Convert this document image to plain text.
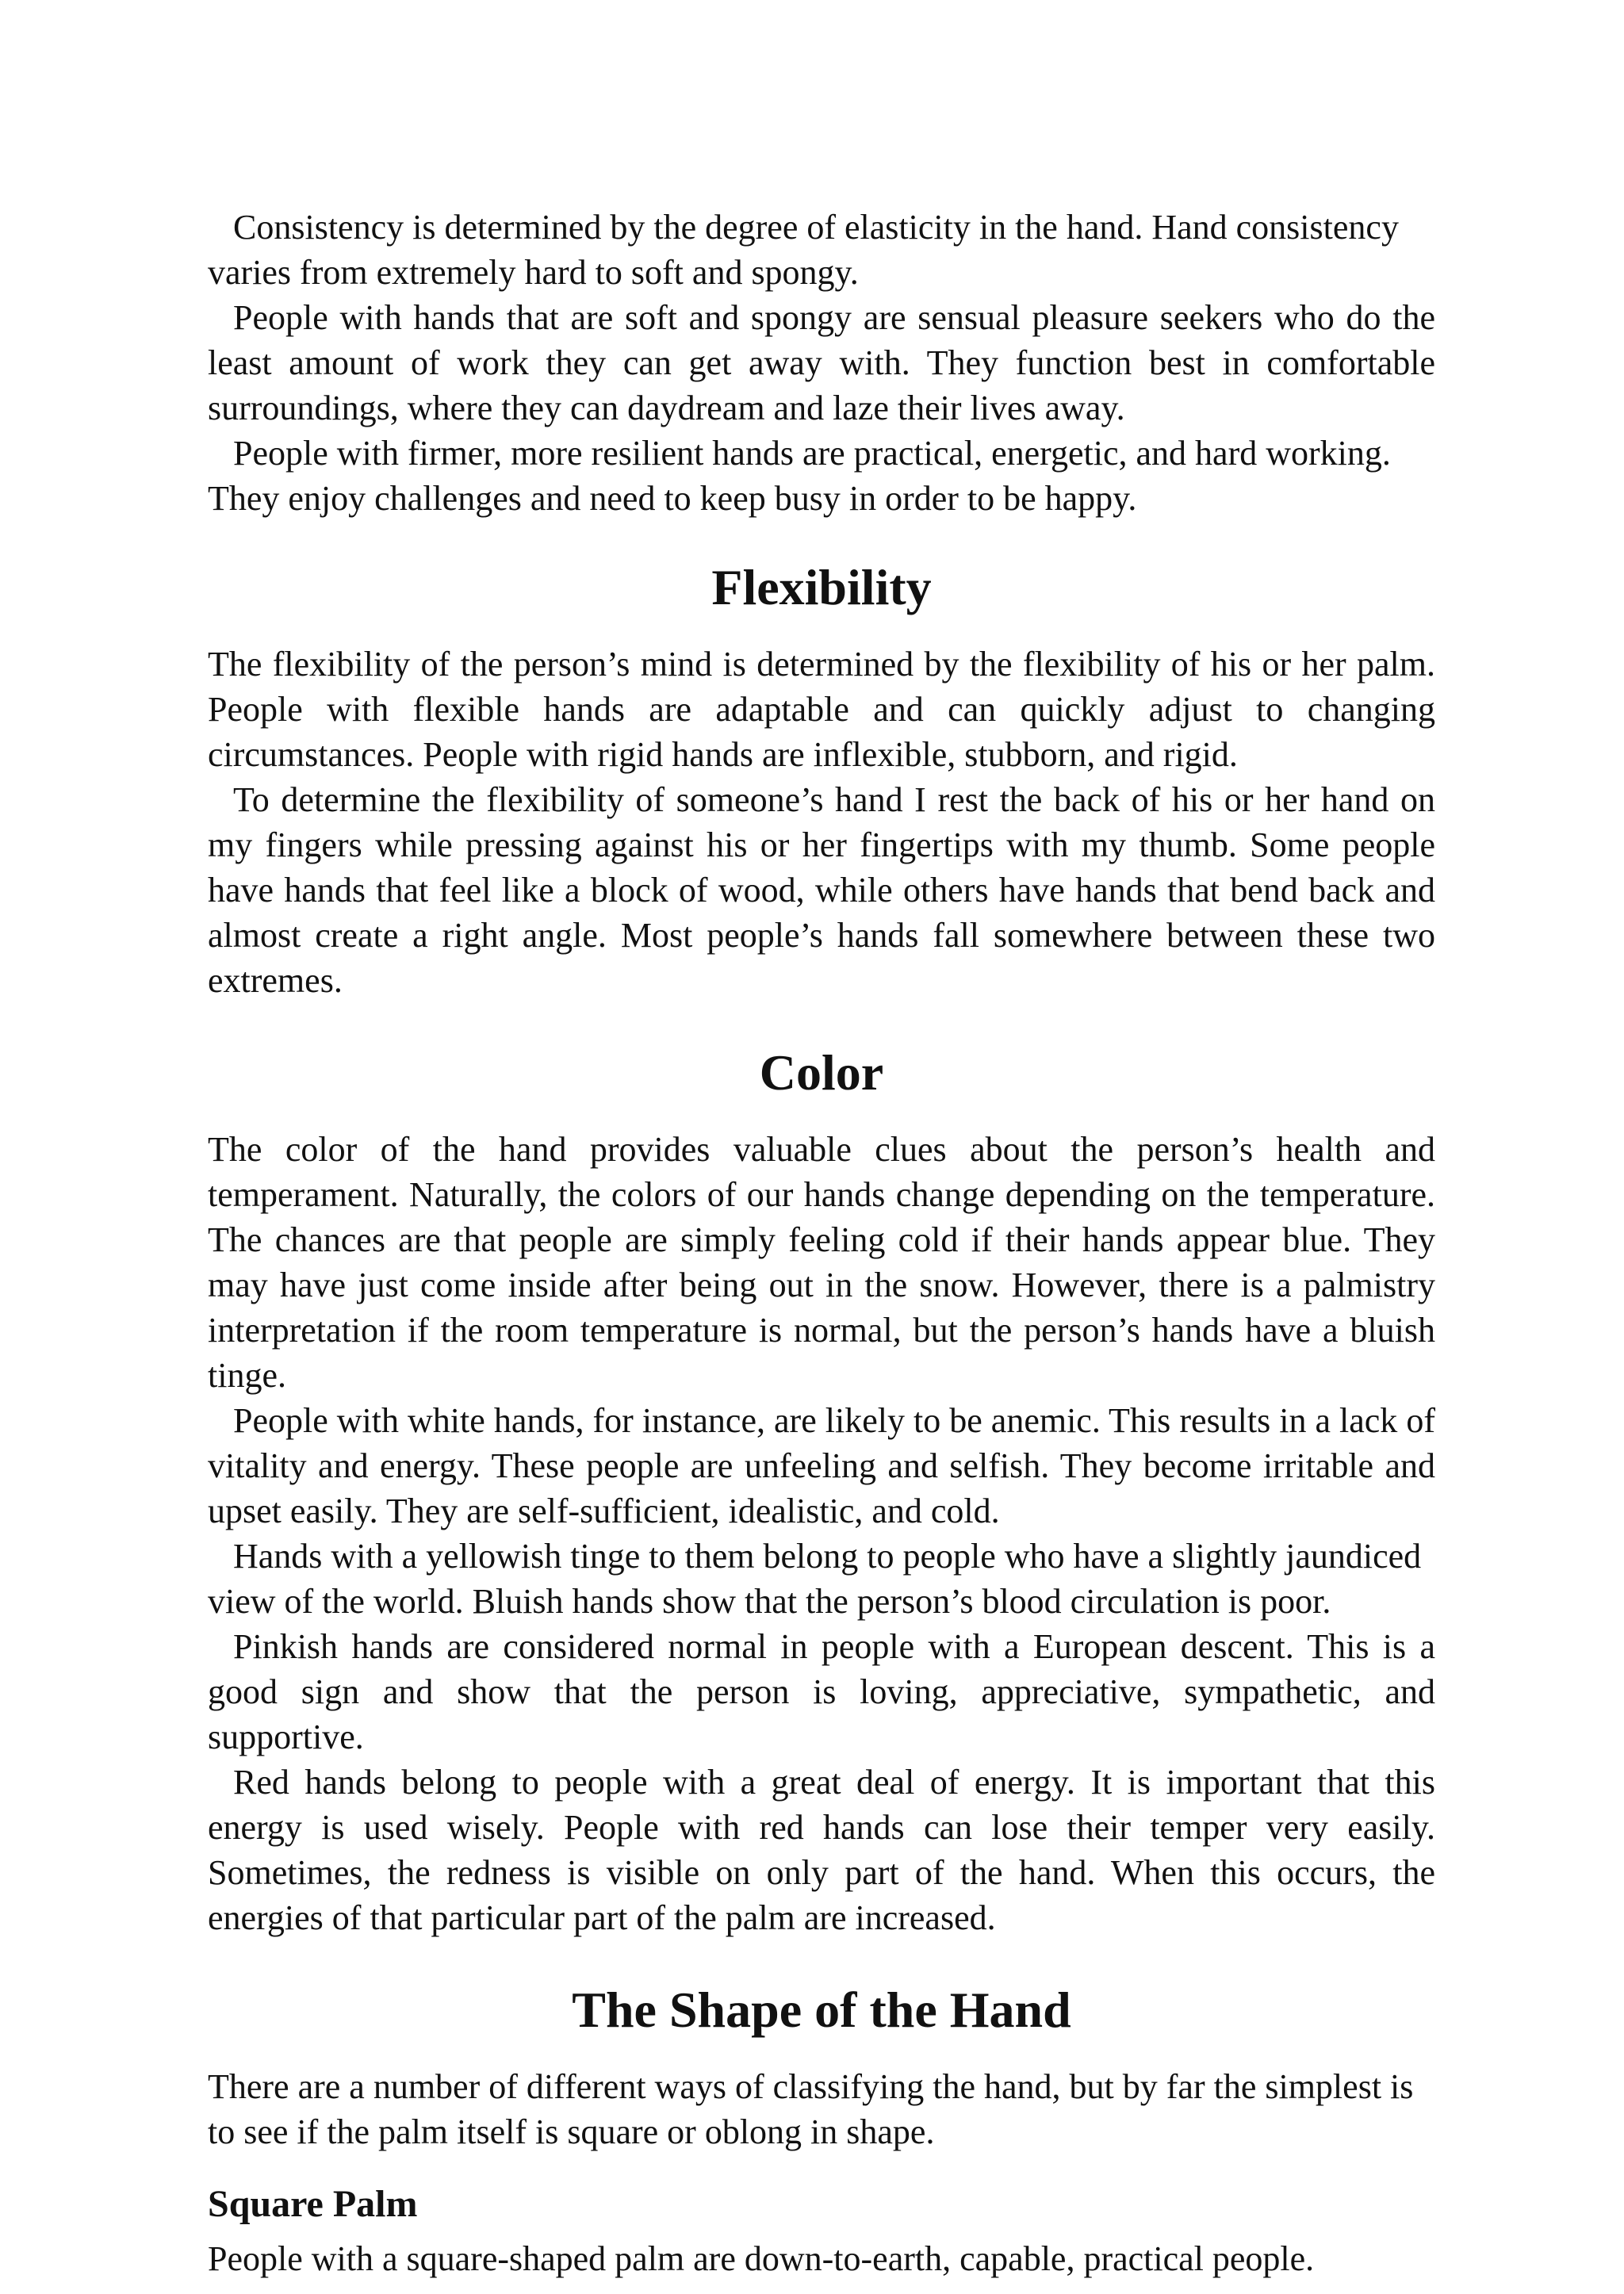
Consistency is determined by the degree of elasticity in the hand. Hand consistency varies from extremely hard to soft and spongy.

People with hands that are soft and spongy are sensual pleasure seekers who do the least amount of work they can get away with. They function best in comfortable surroundings, where they can daydream and laze their lives away.

People with firmer, more resilient hands are practical, energetic, and hard working. They enjoy challenges and need to keep busy in order to be happy.

Flexibility

The flexibility of the person’s mind is determined by the flexibility of his or her palm. People with flexible hands are adaptable and can quickly adjust to changing circumstances. People with rigid hands are inflexible, stubborn, and rigid.

To determine the flexibility of someone’s hand I rest the back of his or her hand on my fingers while pressing against his or her fingertips with my thumb. Some people have hands that feel like a block of wood, while others have hands that bend back and almost create a right angle. Most people’s hands fall somewhere between these two extremes.

Color

The color of the hand provides valuable clues about the person’s health and temperament. Naturally, the colors of our hands change depending on the temperature. The chances are that people are simply feeling cold if their hands appear blue. They may have just come inside after being out in the snow. However, there is a palmistry interpretation if the room temperature is normal, but the person’s hands have a bluish tinge.

People with white hands, for instance, are likely to be anemic. This results in a lack of vitality and energy. These people are unfeeling and selfish. They become irritable and upset easily. They are self-sufficient, idealistic, and cold.

Hands with a yellowish tinge to them belong to people who have a slightly jaundiced view of the world. Bluish hands show that the person’s blood circulation is poor.

Pinkish hands are considered normal in people with a European descent. This is a good sign and show that the person is loving, appreciative, sympathetic, and supportive.

Red hands belong to people with a great deal of energy. It is important that this energy is used wisely. People with red hands can lose their temper very easily. Sometimes, the redness is visible on only part of the hand. When this occurs, the energies of that particular part of the palm are increased.

The Shape of the Hand

There are a number of different ways of classifying the hand, but by far the simplest is to see if the palm itself is square or oblong in shape.

Square Palm

People with a square-shaped palm are down-to-earth, capable, practical people.
